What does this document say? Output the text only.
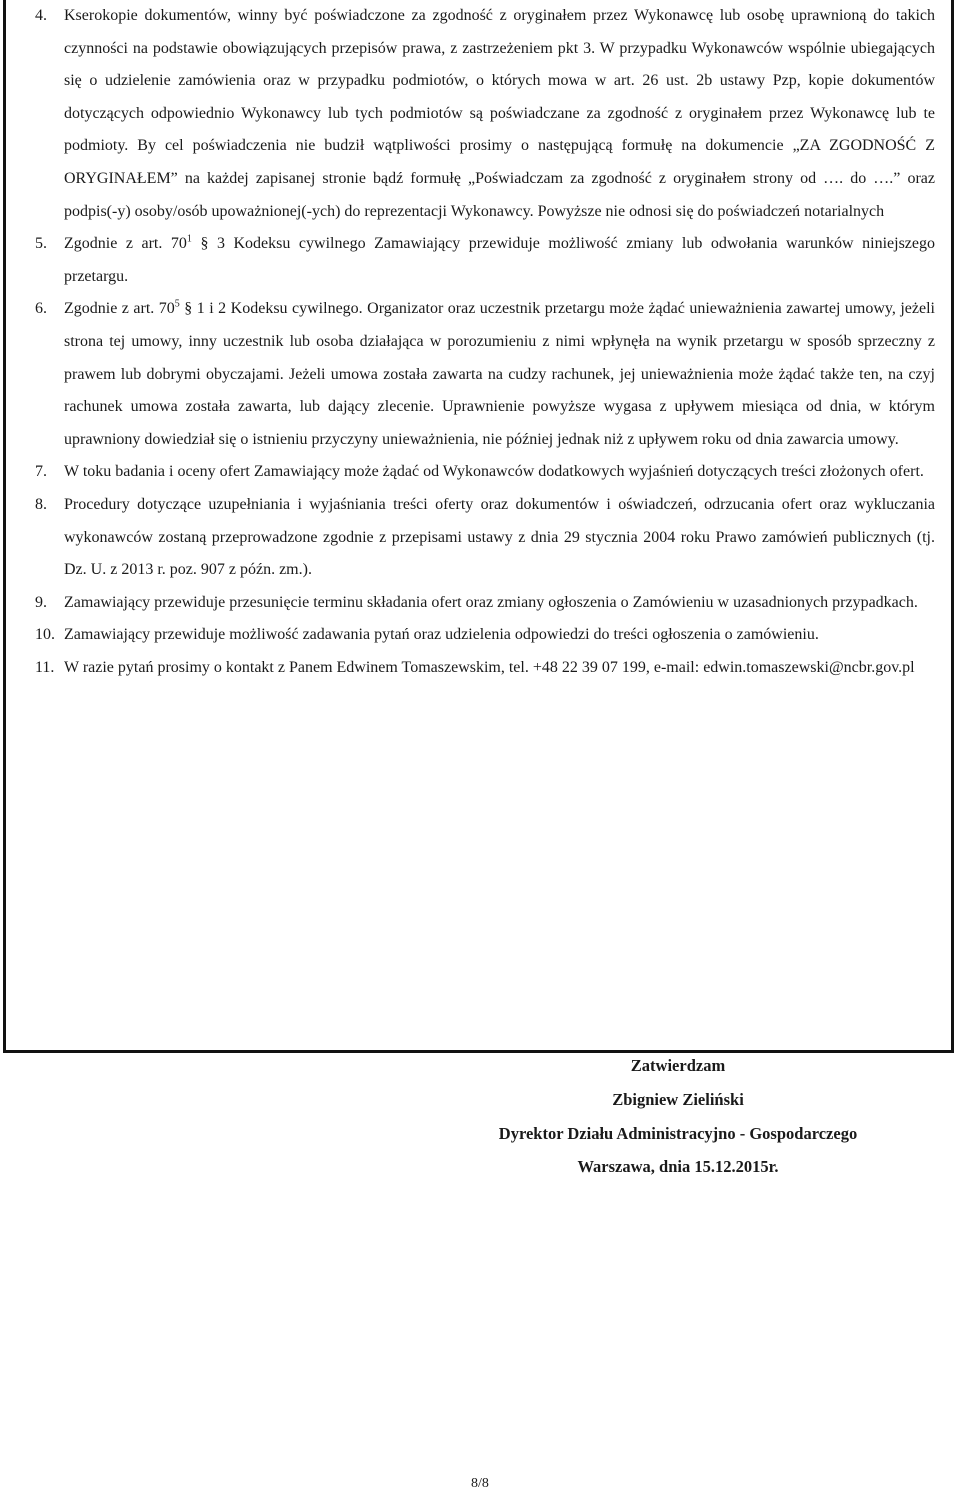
4. Kserokopie dokumentów, winny być poświadczone za zgodność z oryginałem przez Wykonawcę lub osobę uprawnioną do takich czynności na podstawie obowiązujących przepisów prawa, z zastrzeżeniem pkt 3. W przypadku Wykonawców wspólnie ubiegających się o udzielenie zamówienia oraz w przypadku podmiotów, o których mowa w art. 26 ust. 2b ustawy Pzp, kopie dokumentów dotyczących odpowiednio Wykonawcy lub tych podmiotów są poświadczane za zgodność z oryginałem przez Wykonawcę lub te podmioty. By cel poświadczenia nie budził wątpliwości prosimy o następującą formułę na dokumencie „ZA ZGODNOŚĆ Z ORYGINAŁEM” na każdej zapisanej stronie bądź formułę „Poświadczam za zgodność z oryginałem strony od …. do ….” oraz podpis(-y) osoby/osób upoważnionej(-ych) do reprezentacji Wykonawcy. Powyższe nie odnosi się do poświadczeń notarialnych
5. Zgodnie z art. $70^1$ § 3 Kodeksu cywilnego Zamawiający przewiduje możliwość zmiany lub odwołania warunków niniejszego przetargu.
6. Zgodnie z art. $70^5$ § 1 i 2 Kodeksu cywilnego. Organizator oraz uczestnik przetargu może żądać unieważnienia zawartej umowy, jeżeli strona tej umowy, inny uczestnik lub osoba działająca w porozumieniu z nimi wpłynęła na wynik przetargu w sposób sprzeczny z prawem lub dobrymi obyczajami. Jeżeli umowa została zawarta na cudzy rachunek, jej unieważnienia może żądać także ten, na czyj rachunek umowa została zawarta, lub dający zlecenie. Uprawnienie powyższe wygasa z upływem miesiąca od dnia, w którym uprawniony dowiedział się o istnieniu przyczyny unieważnienia, nie później jednak niż z upływem roku od dnia zawarcia umowy.
7. W toku badania i oceny ofert Zamawiający może żądać od Wykonawców dodatkowych wyjaśnień dotyczących treści złożonych ofert.
8. Procedury dotyczące uzupełniania i wyjaśniania treści oferty oraz dokumentów i oświadczeń, odrzucania ofert oraz wykluczania wykonawców zostaną przeprowadzone zgodnie z przepisami ustawy z dnia 29 stycznia 2004 roku Prawo zamówień publicznych (tj. Dz. U. z 2013 r. poz. 907 z późn. zm.).
9. Zamawiający przewiduje przesunięcie terminu składania ofert oraz zmiany ogłoszenia o Zamówieniu w uzasadnionych przypadkach.
10. Zamawiający przewiduje możliwość zadawania pytań oraz udzielenia odpowiedzi do treści ogłoszenia o zamówieniu.
11. W razie pytań prosimy o kontakt z Panem Edwinem Tomaszewskim, tel. +48 22 39 07 199, e-mail: edwin.tomaszewski@ncbr.gov.pl
Zatwierdzam
Zbigniew Zieliński
Dyrektor Działu Administracyjno - Gospodarczego
Warszawa, dnia 15.12.2015r.
8/8
